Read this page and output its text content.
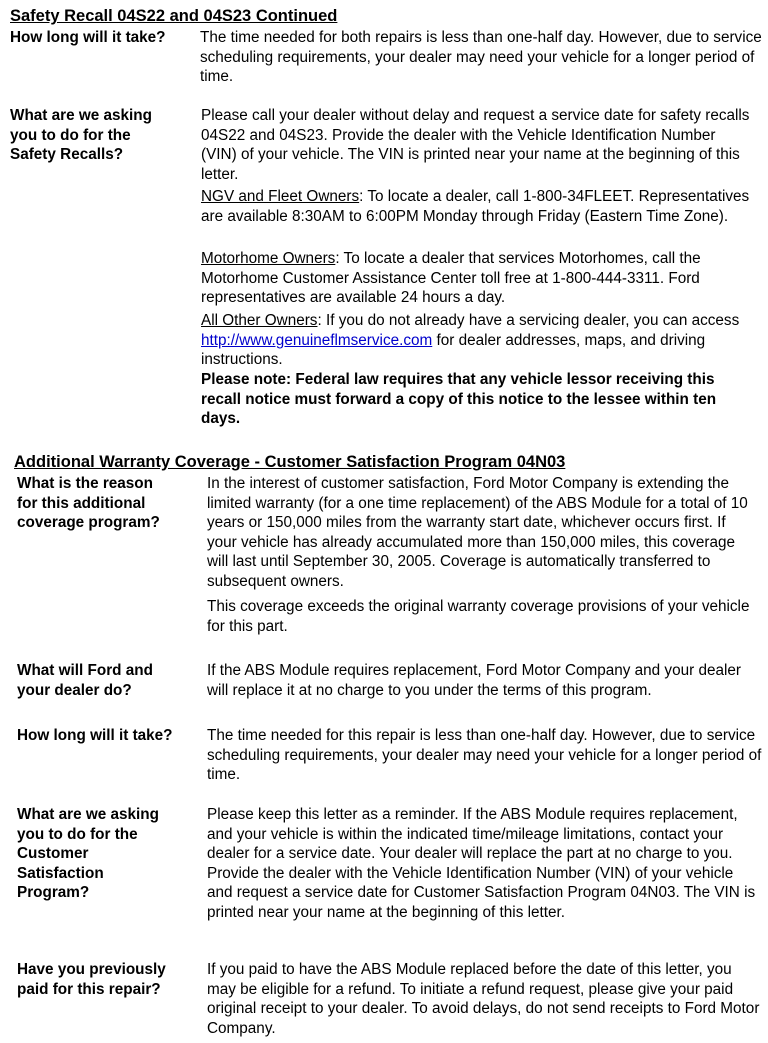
Safety Recall 04S22 and 04S23 Continued
How long will it take? The time needed for both repairs is less than one-half day. However, due to service scheduling requirements, your dealer may need your vehicle for a longer period of time.
What are we asking
you to do for the
Safety Recalls?

Please call your dealer without delay and request a service date for safety recalls 04S22 and 04S23. Provide the dealer with the Vehicle Identification Number (VIN) of your vehicle. The VIN is printed near your name at the beginning of this letter.

NGV and Fleet Owners: To locate a dealer, call 1-800-34FLEET. Representatives are available 8:30AM to 6:00PM Monday through Friday (Eastern Time Zone).

Motorhome Owners: To locate a dealer that services Motorhomes, call the Motorhome Customer Assistance Center toll free at 1-800-444-3311. Ford representatives are available 24 hours a day.

All Other Owners: If you do not already have a servicing dealer, you can access http://www.genuineflmservice.com for dealer addresses, maps, and driving instructions.

Please note: Federal law requires that any vehicle lessor receiving this recall notice must forward a copy of this notice to the lessee within ten days.
Additional Warranty Coverage - Customer Satisfaction Program 04N03
What is the reason
for this additional
coverage program?
In the interest of customer satisfaction, Ford Motor Company is extending the limited warranty (for a one time replacement) of the ABS Module for a total of 10 years or 150,000 miles from the warranty start date, whichever occurs first. If your vehicle has already accumulated more than 150,000 miles, this coverage will last until September 30, 2005. Coverage is automatically transferred to subsequent owners.
This coverage exceeds the original warranty coverage provisions of your vehicle for this part.
What will Ford and
your dealer do?
If the ABS Module requires replacement, Ford Motor Company and your dealer will replace it at no charge to you under the terms of this program.
How long will it take? The time needed for this repair is less than one-half day. However, due to service scheduling requirements, your dealer may need your vehicle for a longer period of time.
What are we asking
you to do for the
Customer
Satisfaction
Program?
Please keep this letter as a reminder. If the ABS Module requires replacement, and your vehicle is within the indicated time/mileage limitations, contact your dealer for a service date. Your dealer will replace the part at no charge to you. Provide the dealer with the Vehicle Identification Number (VIN) of your vehicle and request a service date for Customer Satisfaction Program 04N03. The VIN is printed near your name at the beginning of this letter.
Have you previously
paid for this repair?
If you paid to have the ABS Module replaced before the date of this letter, you may be eligible for a refund. To initiate a refund request, please give your paid original receipt to your dealer. To avoid delays, do not send receipts to Ford Motor Company.
